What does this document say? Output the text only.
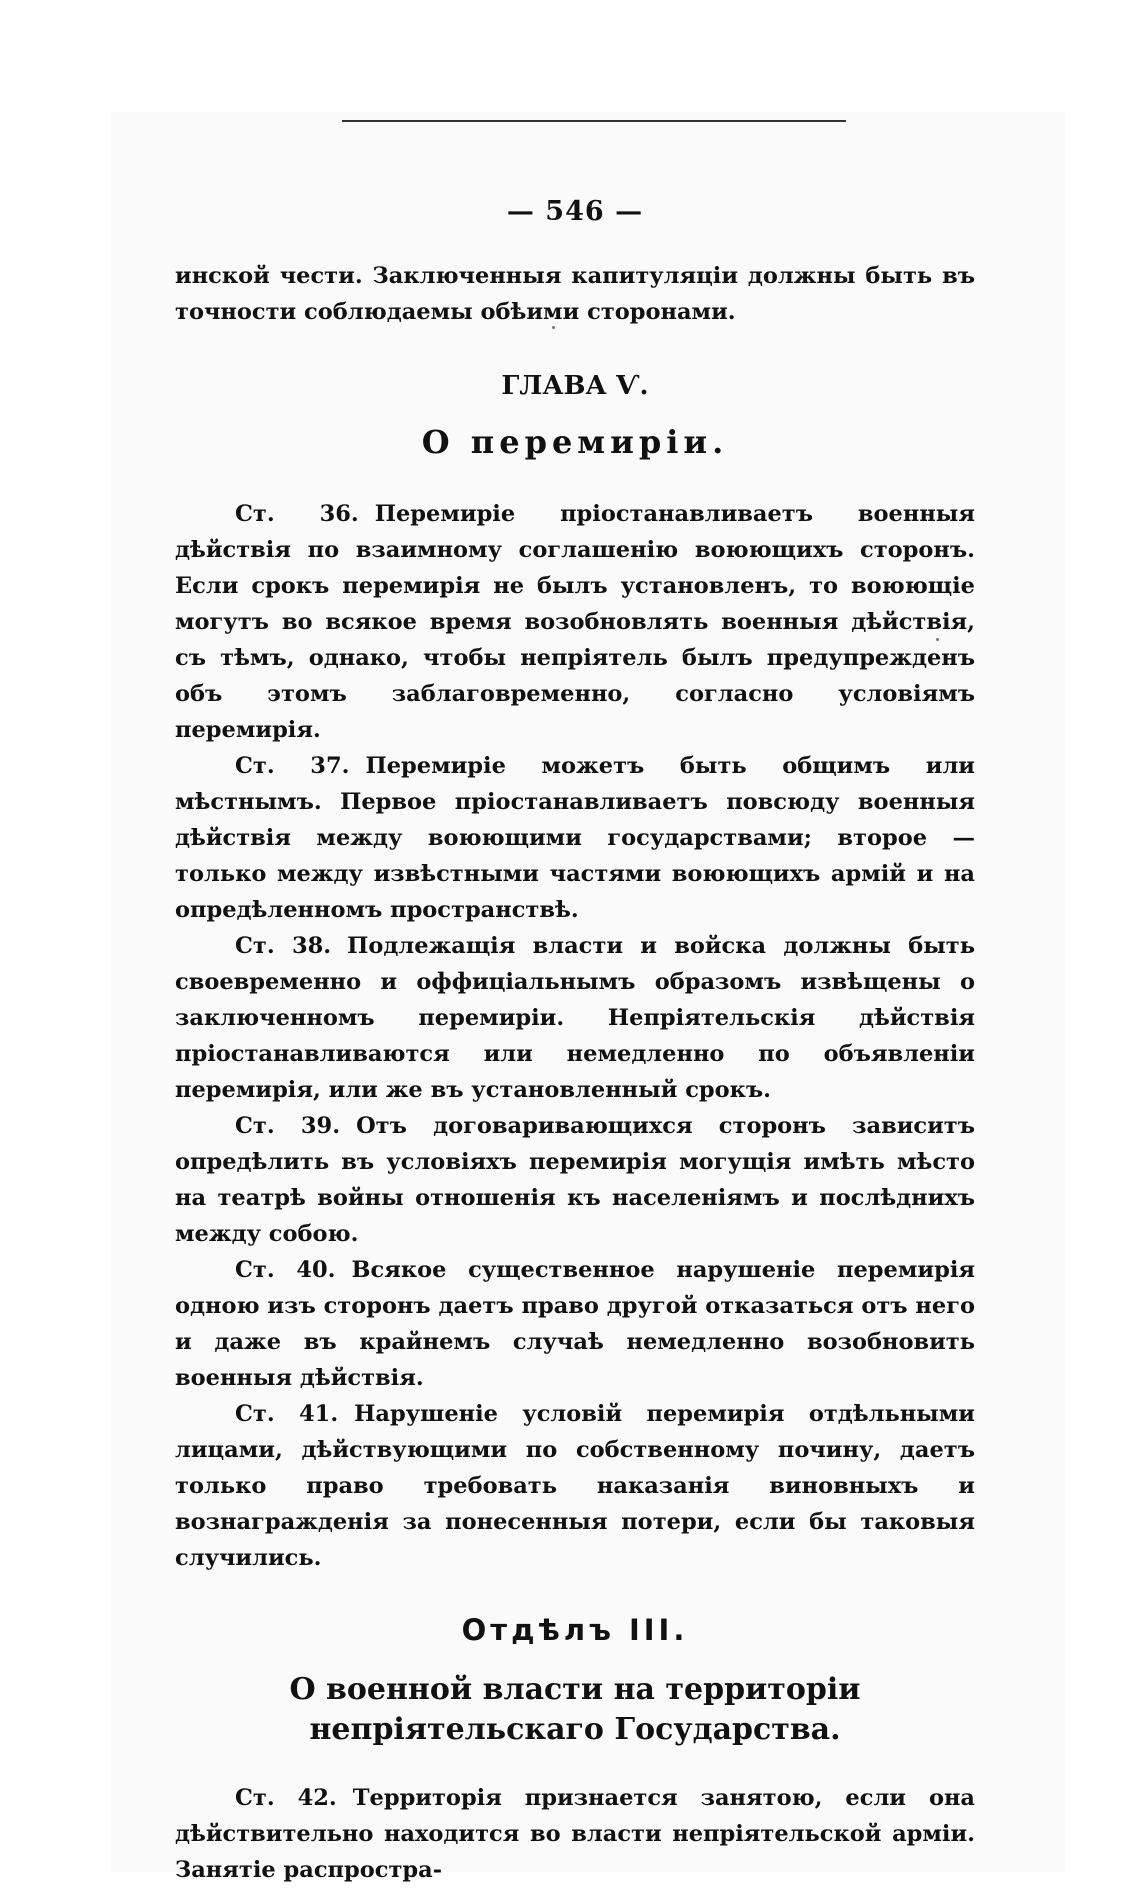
— 546 —

инской чести. Заключенныя капитуляціи должны быть въ точности соблюдаемы обѣими сторонами.

ГЛАВА Ѵ.
О перемиріи.

Ст. 36. Перемиріе пріостанавливаетъ военныя дѣйствія по взаимному соглашенію воюющихъ сторонъ. Если срокъ перемирія не былъ установленъ, то воюющіе могутъ во всякое время возобновлять военныя дѣйствія, съ тѣмъ, однако, чтобы непріятель былъ предупрежденъ объ этомъ заблаговременно, согласно условіямъ перемирія.

Ст. 37. Перемиріе можетъ быть общимъ или мѣстнымъ. Первое пріостанавливаетъ повсюду военныя дѣйствія между воюющими государствами; второе — только между извѣстными частями воюющихъ армій и на опредѣленномъ пространствѣ.

Ст. 38. Подлежащія власти и войска должны быть своевременно и оффиціальнымъ образомъ извѣщены о заключенномъ перемиріи. Непріятельскія дѣйствія пріостанавливаются или немедленно по объявленіи перемирія, или же въ установленный срокъ.

Ст. 39. Отъ договаривающихся сторонъ зависитъ опредѣлить въ условіяхъ перемирія могущія имѣть мѣсто на театрѣ войны отношенія къ населеніямъ и послѣднихъ между собою.

Ст. 40. Всякое существенное нарушеніе перемирія одною изъ сторонъ даетъ право другой отказаться отъ него и даже въ крайнемъ случаѣ немедленно возобновить военныя дѣйствія.

Ст. 41. Нарушеніе условій перемирія отдѣльными лицами, дѣйствующими по собственному почину, даетъ только право требовать наказанія виновныхъ и вознагражденія за понесенныя потери, если бы таковыя случились.

Отдѣлъ III.
О военной власти на территоріи непріятельскаго Государства.

Ст. 42. Территорія признается занятою, если она дѣйствительно находится во власти непріятельской арміи. Занятіе распростра-
